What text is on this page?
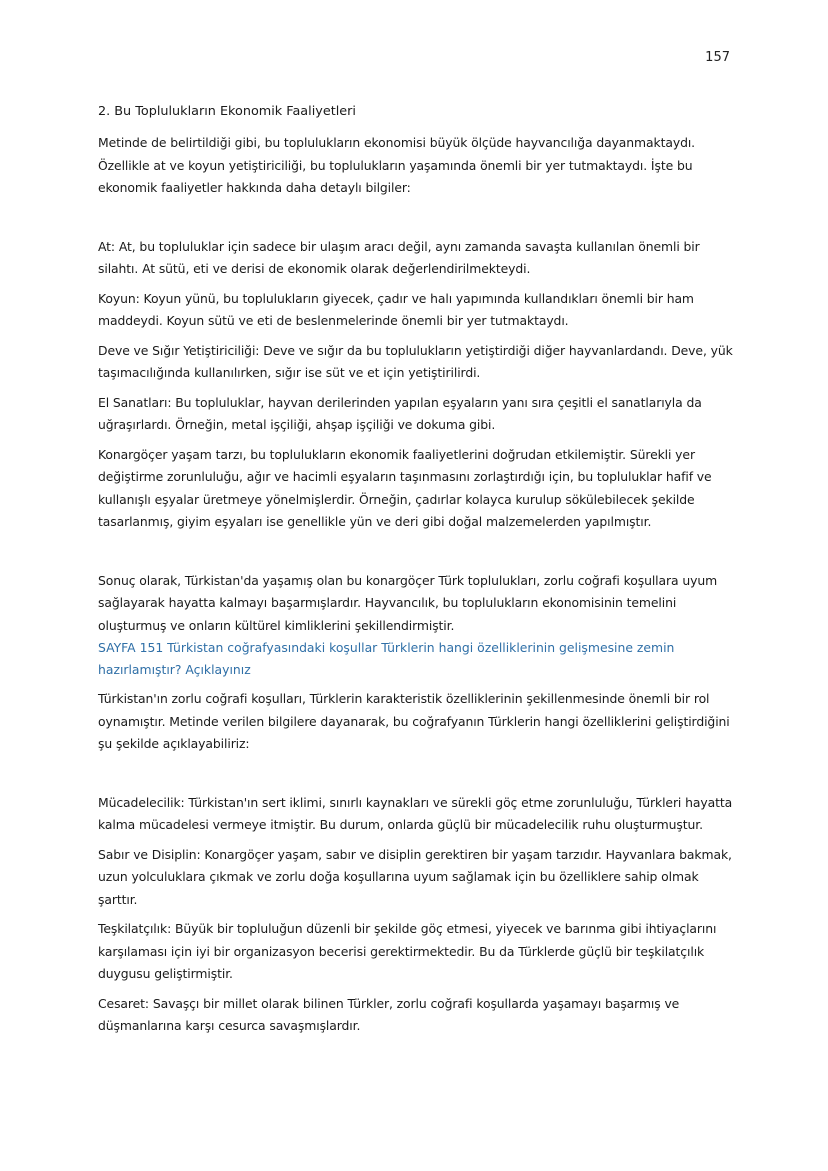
157

2. Bu Toplulukların Ekonomik Faaliyetleri

Metinde de belirtildiği gibi, bu toplulukların ekonomisi büyük ölçüde hayvancılığa dayanmaktaydı. Özellikle at ve koyun yetiştiriciliği, bu toplulukların yaşamında önemli bir yer tutmaktaydı. İşte bu ekonomik faaliyetler hakkında daha detaylı bilgiler:

At: At, bu topluluklar için sadece bir ulaşım aracı değil, aynı zamanda savaşta kullanılan önemli bir silahtı. At sütü, eti ve derisi de ekonomik olarak değerlendirilmekteydi.

Koyun: Koyun yünü, bu toplulukların giyecek, çadır ve halı yapımında kullandıkları önemli bir ham maddeydi. Koyun sütü ve eti de beslenmelerinde önemli bir yer tutmaktaydı.

Deve ve Sığır Yetiştiriciliği: Deve ve sığır da bu toplulukların yetiştirdiği diğer hayvanlardandı. Deve, yük taşımacılığında kullanılırken, sığır ise süt ve et için yetiştirilirdi.

El Sanatları: Bu topluluklar, hayvan derilerinden yapılan eşyaların yanı sıra çeşitli el sanatlarıyla da uğraşırlardı. Örneğin, metal işçiliği, ahşap işçiliği ve dokuma gibi.

Konargöçer yaşam tarzı, bu toplulukların ekonomik faaliyetlerini doğrudan etkilemiştir. Sürekli yer değiştirme zorunluluğu, ağır ve hacimli eşyaların taşınmasını zorlaştırdığı için, bu topluluklar hafif ve kullanışlı eşyalar üretmeye yönelmişlerdir. Örneğin, çadırlar kolayca kurulup sökülebilecek şekilde tasarlanmış, giyim eşyaları ise genellikle yün ve deri gibi doğal malzemelerden yapılmıştır.

Sonuç olarak, Türkistan'da yaşamış olan bu konargöçer Türk toplulukları, zorlu coğrafi koşullara uyum sağlayarak hayatta kalmayı başarmışlardır. Hayvancılık, bu toplulukların ekonomisinin temelini oluşturmuş ve onların kültürel kimliklerini şekillendirmiştir.

SAYFA 151 Türkistan coğrafyasındaki koşullar Türklerin hangi özelliklerinin gelişmesine zemin hazırlamıştır? Açıklayınız

Türkistan'ın zorlu coğrafi koşulları, Türklerin karakteristik özelliklerinin şekillenmesinde önemli bir rol oynamıştır. Metinde verilen bilgilere dayanarak, bu coğrafyanın Türklerin hangi özelliklerini geliştirdiğini şu şekilde açıklayabiliriz:

Mücadelecilik: Türkistan'ın sert iklimi, sınırlı kaynakları ve sürekli göç etme zorunluluğu, Türkleri hayatta kalma mücadelesi vermeye itmiştir. Bu durum, onlarda güçlü bir mücadelecilik ruhu oluşturmuştur.

Sabır ve Disiplin: Konargöçer yaşam, sabır ve disiplin gerektiren bir yaşam tarzıdır. Hayvanlara bakmak, uzun yolculuklara çıkmak ve zorlu doğa koşullarına uyum sağlamak için bu özelliklere sahip olmak şarttır.

Teşkilatçılık: Büyük bir topluluğun düzenli bir şekilde göç etmesi, yiyecek ve barınma gibi ihtiyaçlarını karşılaması için iyi bir organizasyon becerisi gerektirmektedir. Bu da Türklerde güçlü bir teşkilatçılık duygusu geliştirmiştir.

Cesaret: Savaşçı bir millet olarak bilinen Türkler, zorlu coğrafi koşullarda yaşamayı başarmış ve düşmanlarına karşı cesurca savaşmışlardır.
